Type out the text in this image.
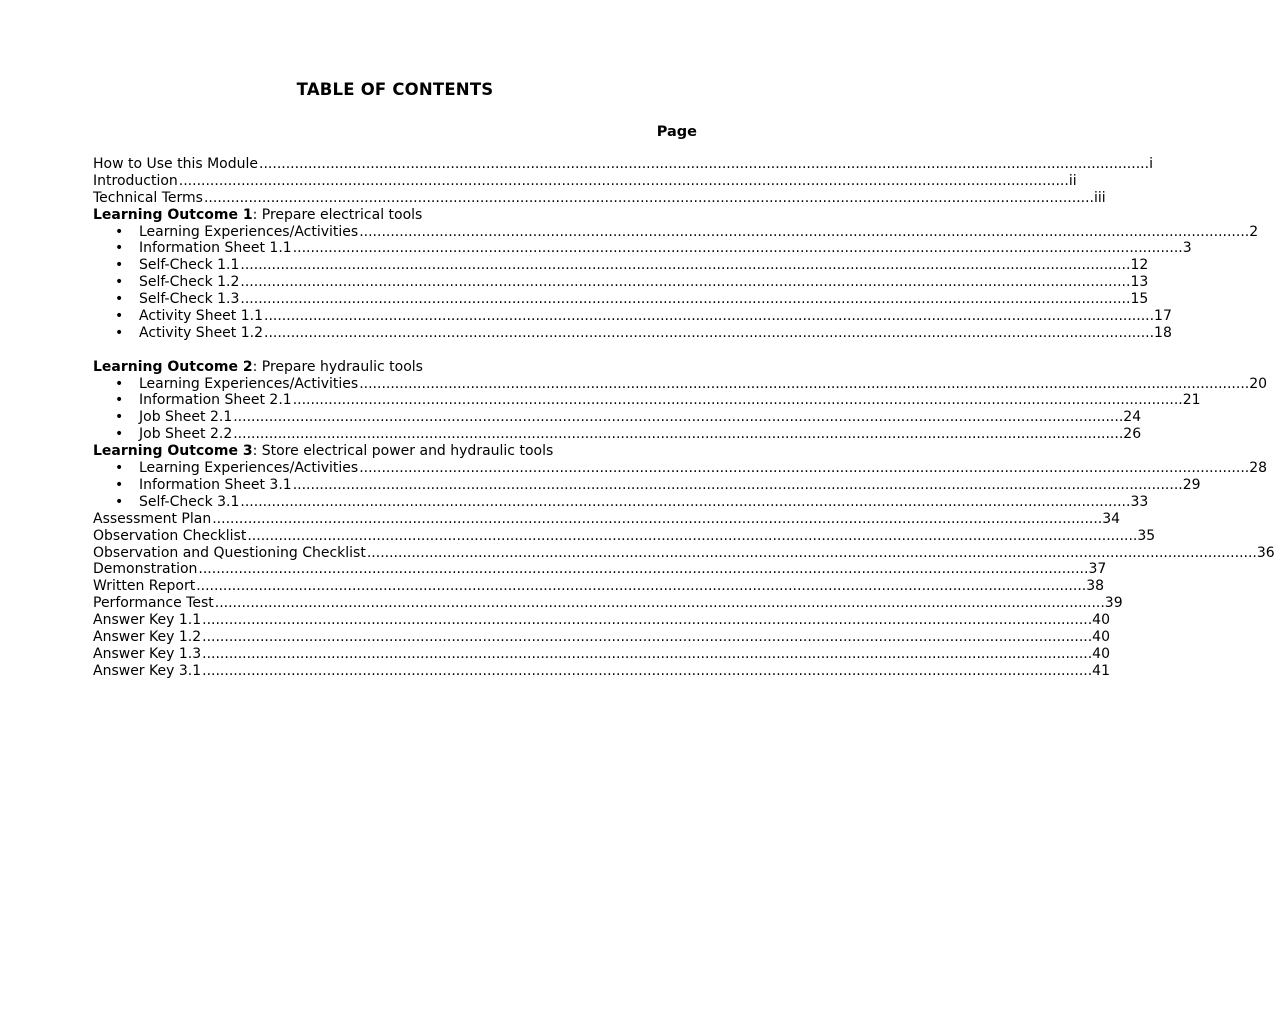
TABLE OF CONTENTS
Page
How to Use this Module ........................................................................................................................................................................................................ i
Introduction ........................................................................................................................................................................................................ ii
Technical Terms ........................................................................................................................................................................................................ iii
Learning Outcome 1 : Prepare electrical tools
•	Learning Experiences/Activities ........................................................................................................................................................................................................ 2
•	Information Sheet 1.1 ........................................................................................................................................................................................................ 3
•	Self-Check 1.1 ........................................................................................................................................................................................................ 12
•	Self-Check 1.2 ........................................................................................................................................................................................................ 13
•	Self-Check 1.3 ........................................................................................................................................................................................................ 15
•	Activity Sheet 1.1 ........................................................................................................................................................................................................ 17
•	Activity Sheet 1.2 ........................................................................................................................................................................................................ 18
Learning Outcome 2 : Prepare hydraulic tools
•	Learning Experiences/Activities ........................................................................................................................................................................................................ 20
•	Information Sheet 2.1 ........................................................................................................................................................................................................ 21
•	Job Sheet 2.1 ........................................................................................................................................................................................................ 24
•	Job Sheet 2.2 ........................................................................................................................................................................................................ 26
Learning Outcome 3: Store electrical power and hydraulic tools
•	Learning Experiences/Activities ........................................................................................................................................................................................................ 28
•	Information Sheet 3.1 ........................................................................................................................................................................................................ 29
•	Self-Check 3.1 ........................................................................................................................................................................................................ 33
Assessment Plan ........................................................................................................................................................................................................ 34
Observation Checklist ........................................................................................................................................................................................................ 35
Observation and Questioning Checklist ........................................................................................................................................................................................................ 36
Demonstration ........................................................................................................................................................................................................ 37
Written Report ........................................................................................................................................................................................................ 38
Performance Test ........................................................................................................................................................................................................ 39
Answer Key 1.1 ........................................................................................................................................................................................................ 40
Answer Key 1.2 ........................................................................................................................................................................................................ 40
Answer Key 1.3 ........................................................................................................................................................................................................ 40
Answer Key 3.1 ........................................................................................................................................................................................................ 41
